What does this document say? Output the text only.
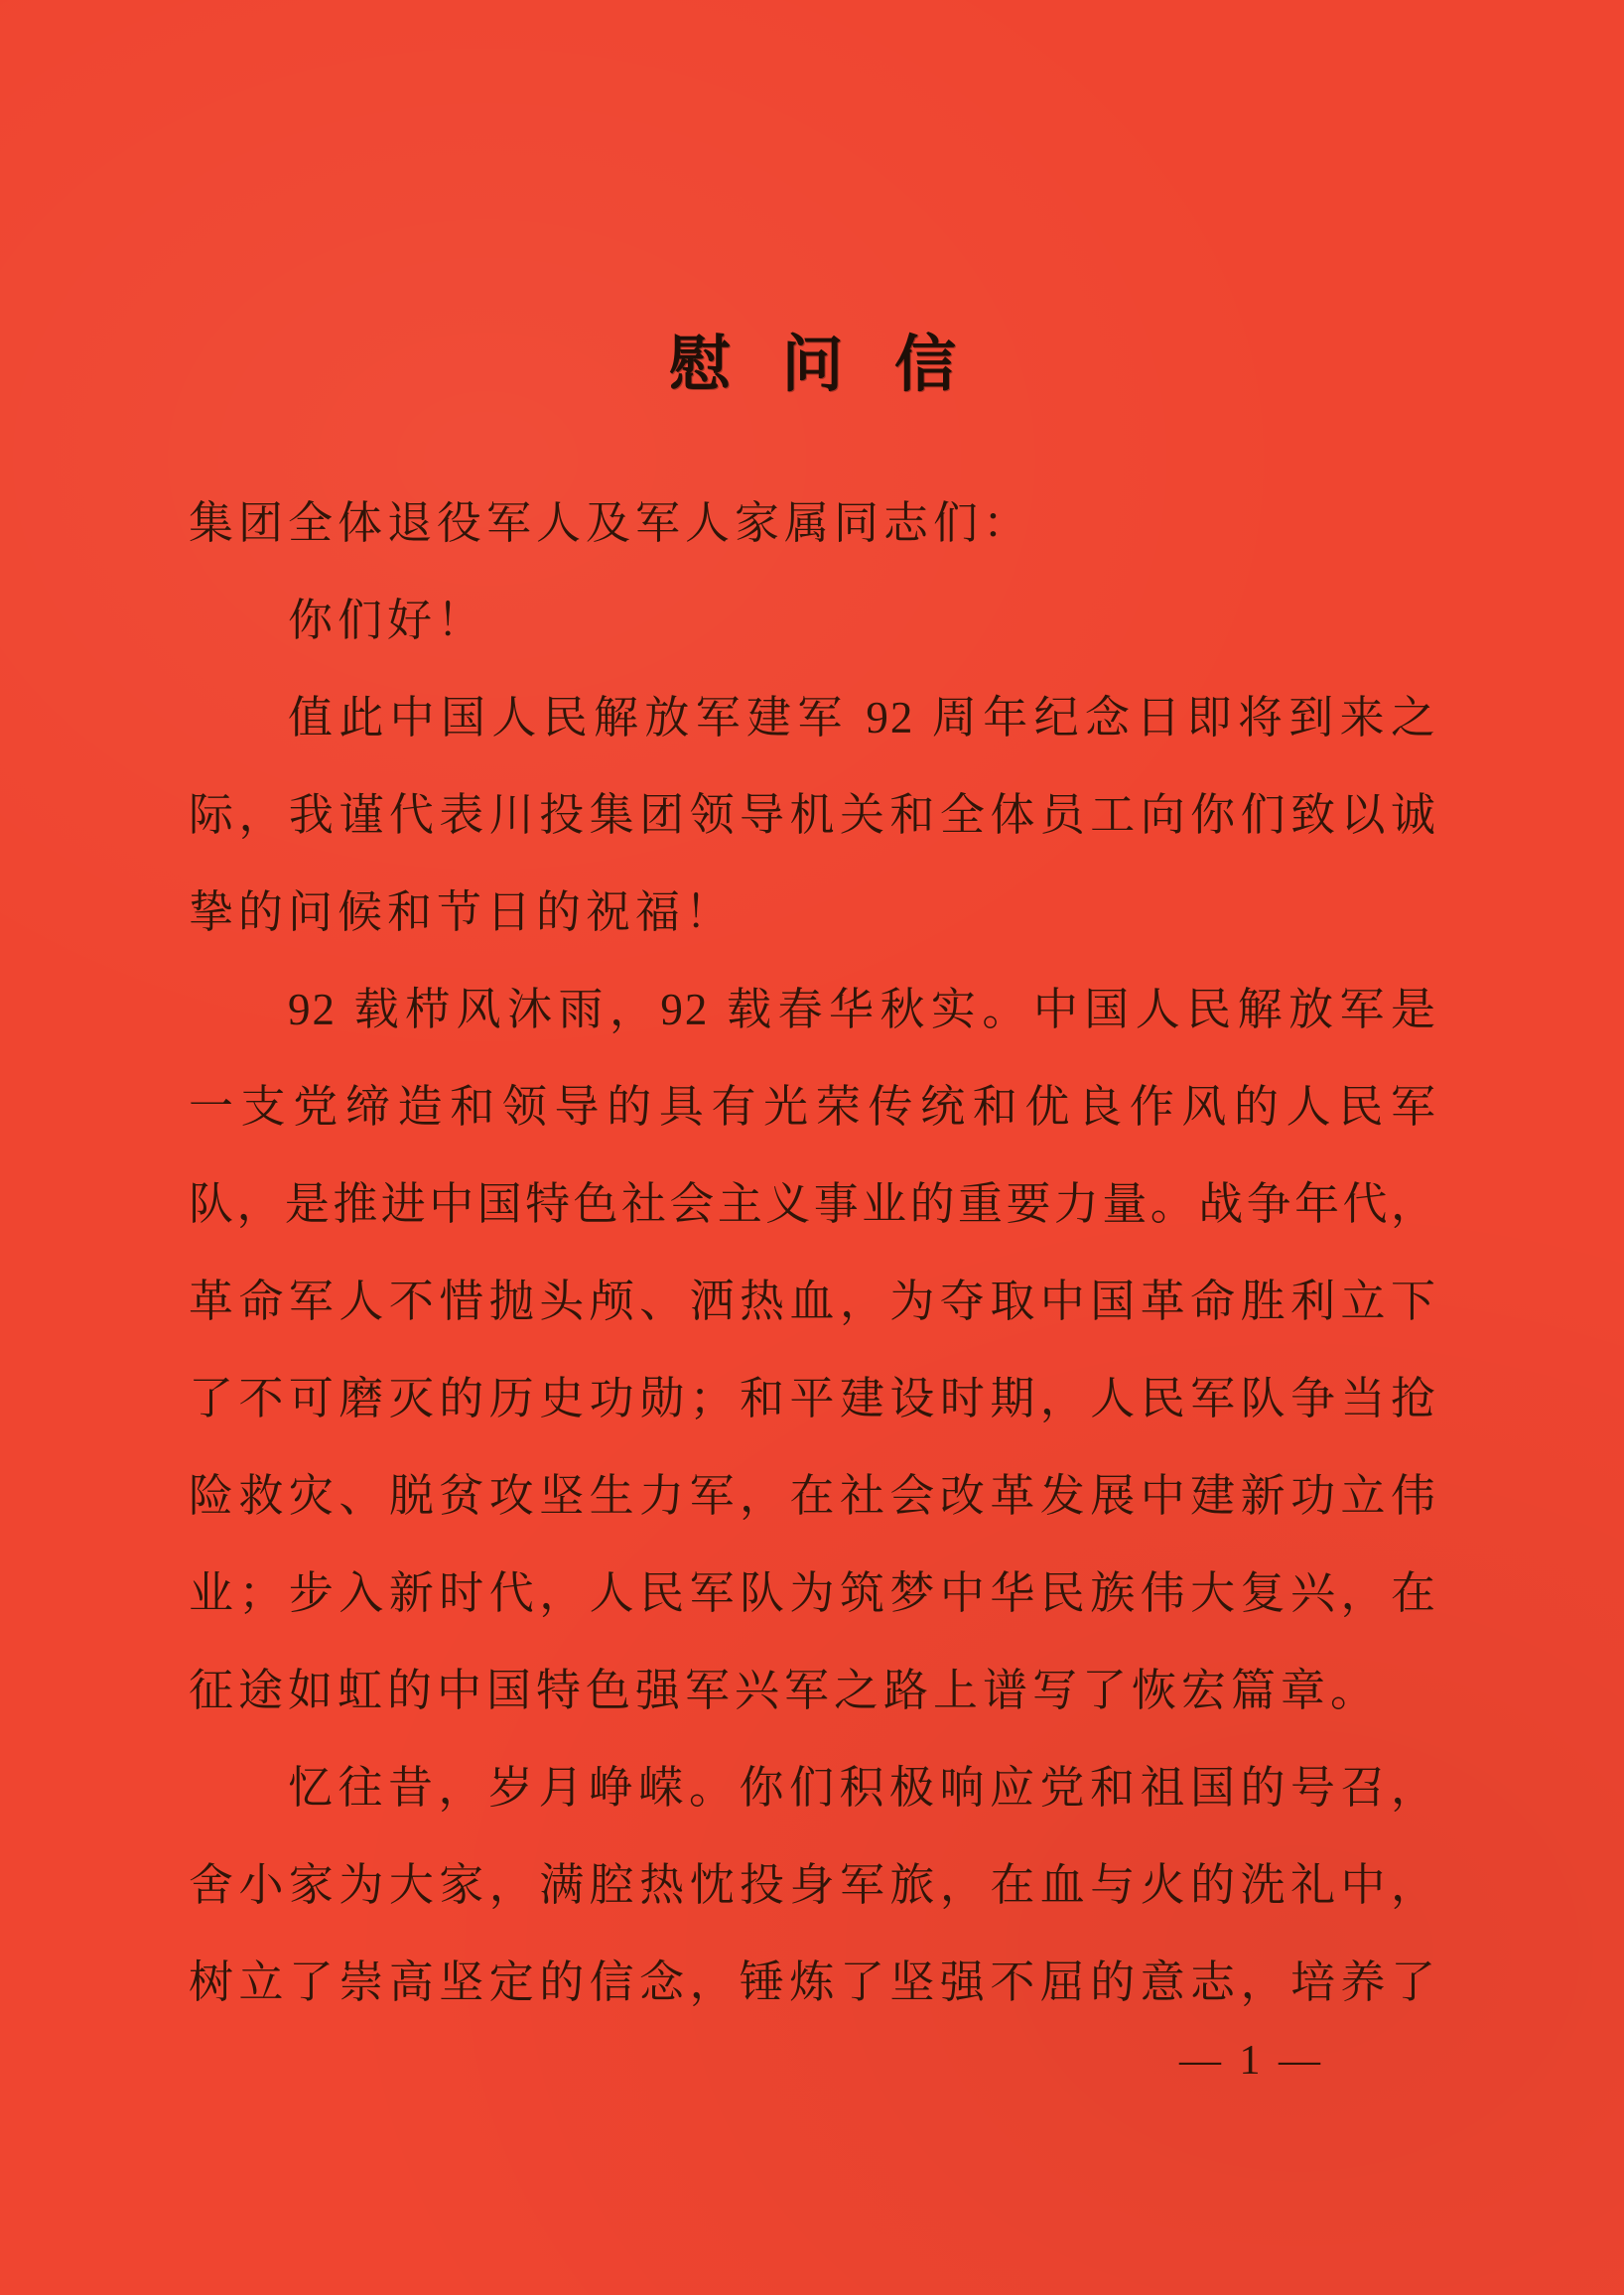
慰 问 信
集团全体退役军人及军人家属同志们：
你们好！
值此中国人民解放军建军 92 周年纪念日即将到来之
际，我谨代表川投集团领导机关和全体员工向你们致以诚
挚的问候和节日的祝福！
92 载栉风沐雨，92 载春华秋实。中国人民解放军是
一支党缔造和领导的具有光荣传统和优良作风的人民军
队，是推进中国特色社会主义事业的重要力量。战争年代，
革命军人不惜抛头颅、洒热血，为夺取中国革命胜利立下
了不可磨灭的历史功勋；和平建设时期，人民军队争当抢
险救灾、脱贫攻坚生力军，在社会改革发展中建新功立伟
业；步入新时代，人民军队为筑梦中华民族伟大复兴，在
征途如虹的中国特色强军兴军之路上谱写了恢宏篇章。
忆往昔，岁月峥嵘。你们积极响应党和祖国的号召，
舍小家为大家，满腔热忱投身军旅，在血与火的洗礼中，
树立了崇高坚定的信念，锤炼了坚强不屈的意志，培养了
— 1 —
